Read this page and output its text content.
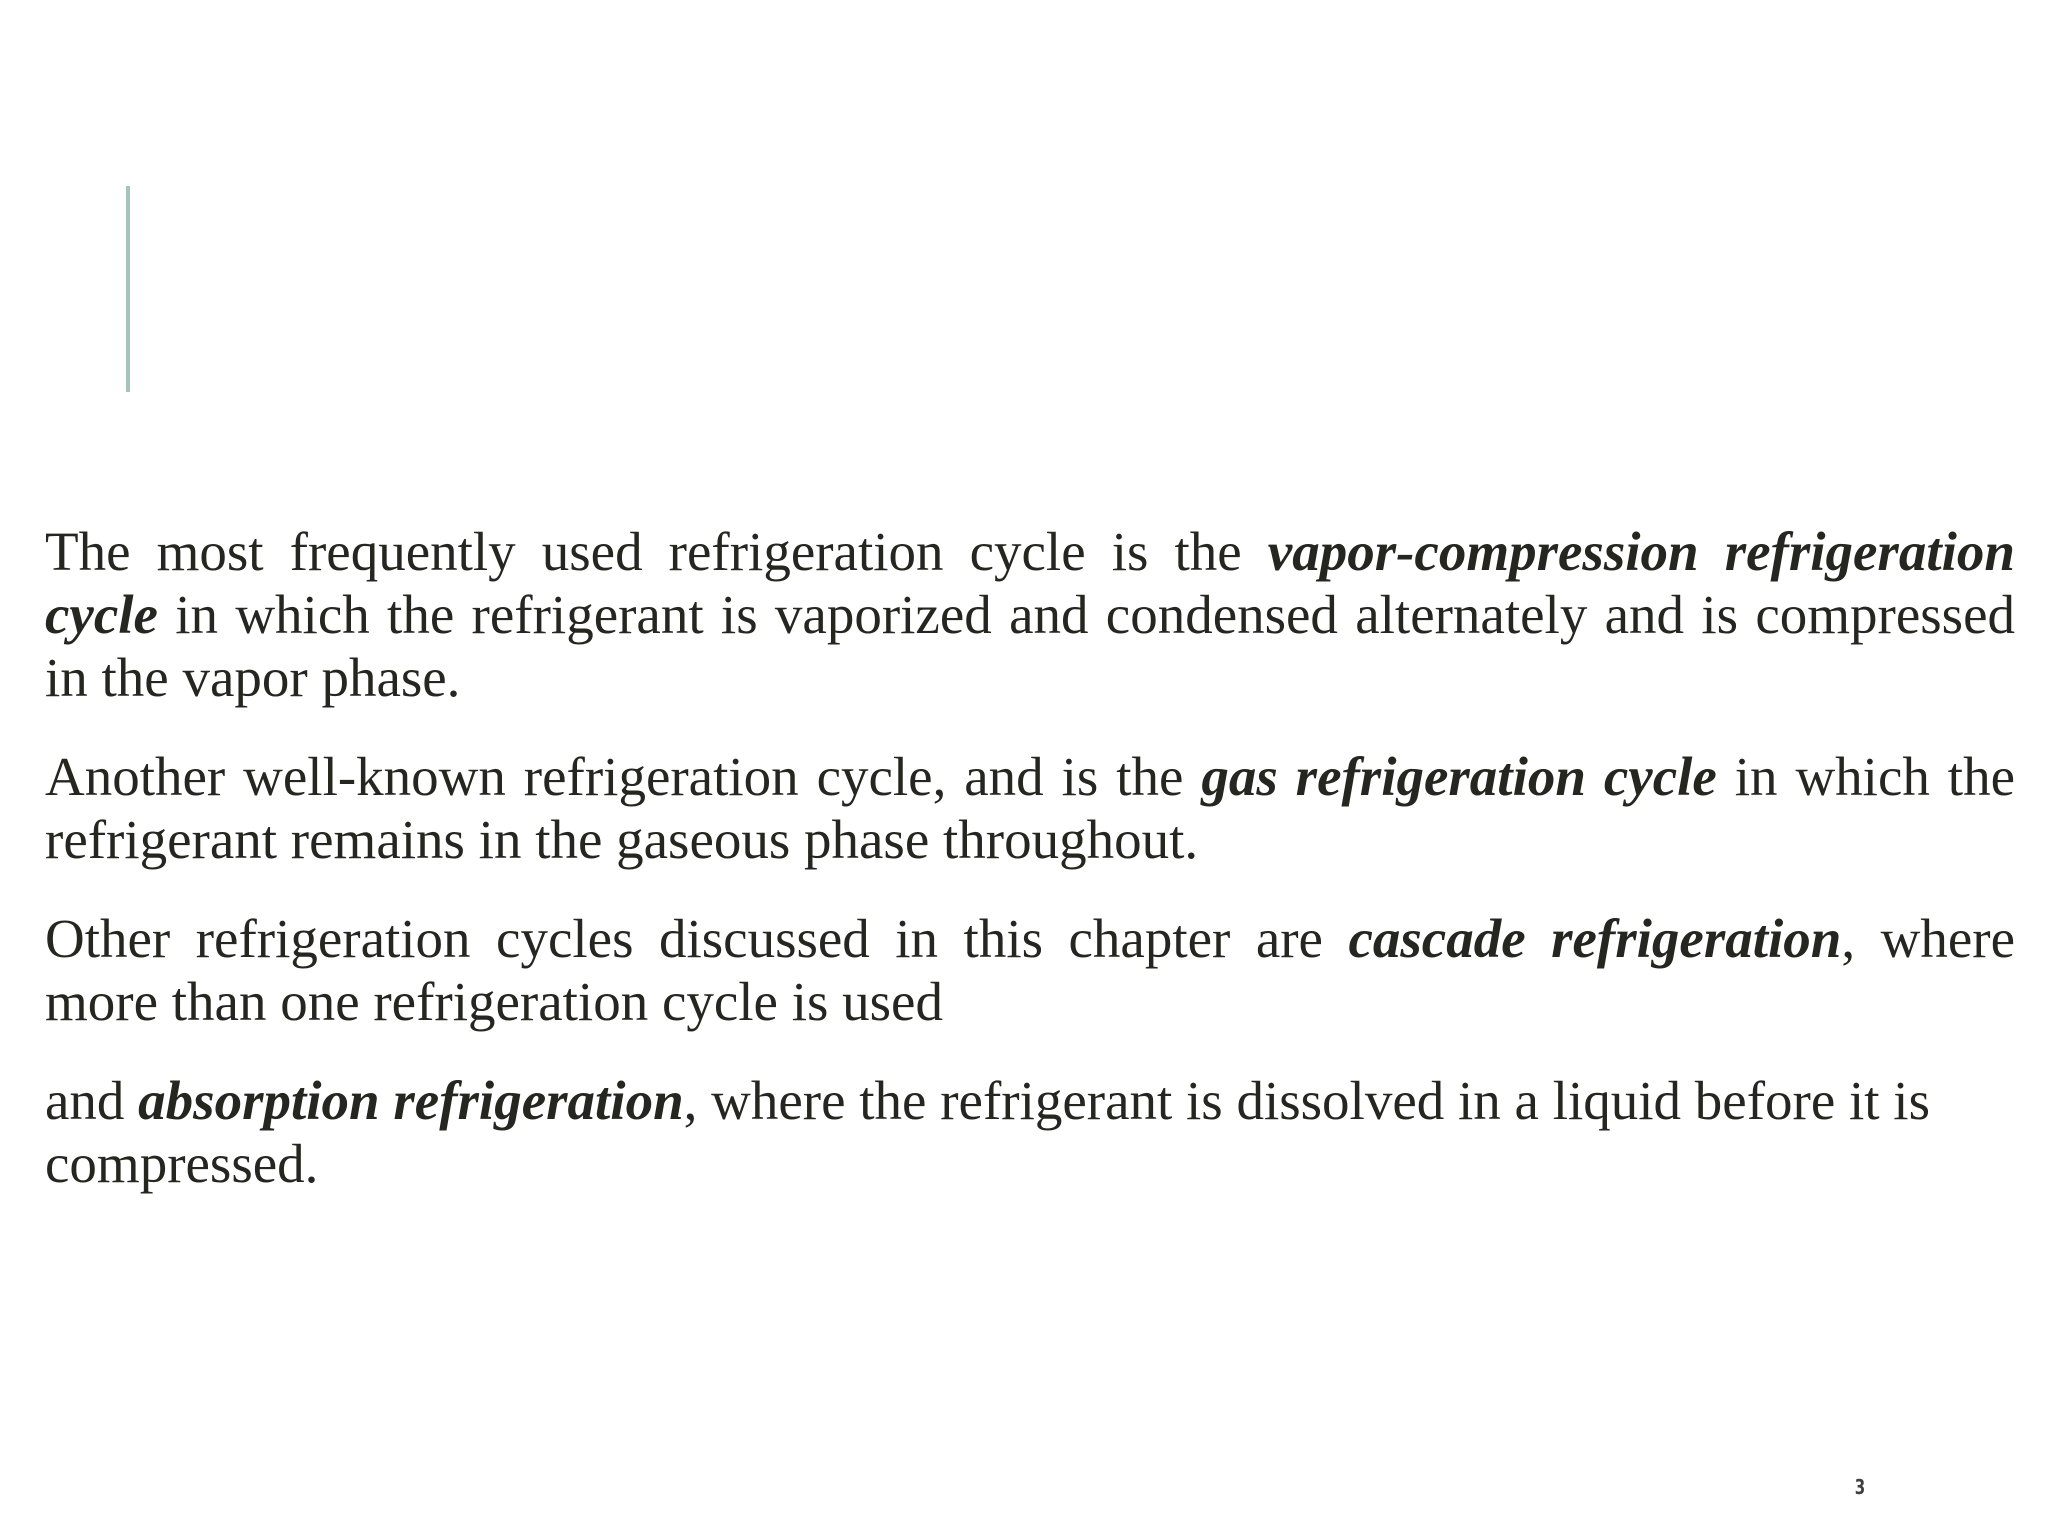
The most frequently used refrigeration cycle is the vapor-compression refrigeration cycle in which the refrigerant is vaporized and condensed alternately and is compressed in the vapor phase.

Another well-known refrigeration cycle, and is the gas refrigeration cycle in which the refrigerant remains in the gaseous phase throughout.

Other refrigeration cycles discussed in this chapter are cascade refrigeration, where more than one refrigeration cycle is used

and absorption refrigeration, where the refrigerant is dissolved in a liquid before it is compressed.

3
